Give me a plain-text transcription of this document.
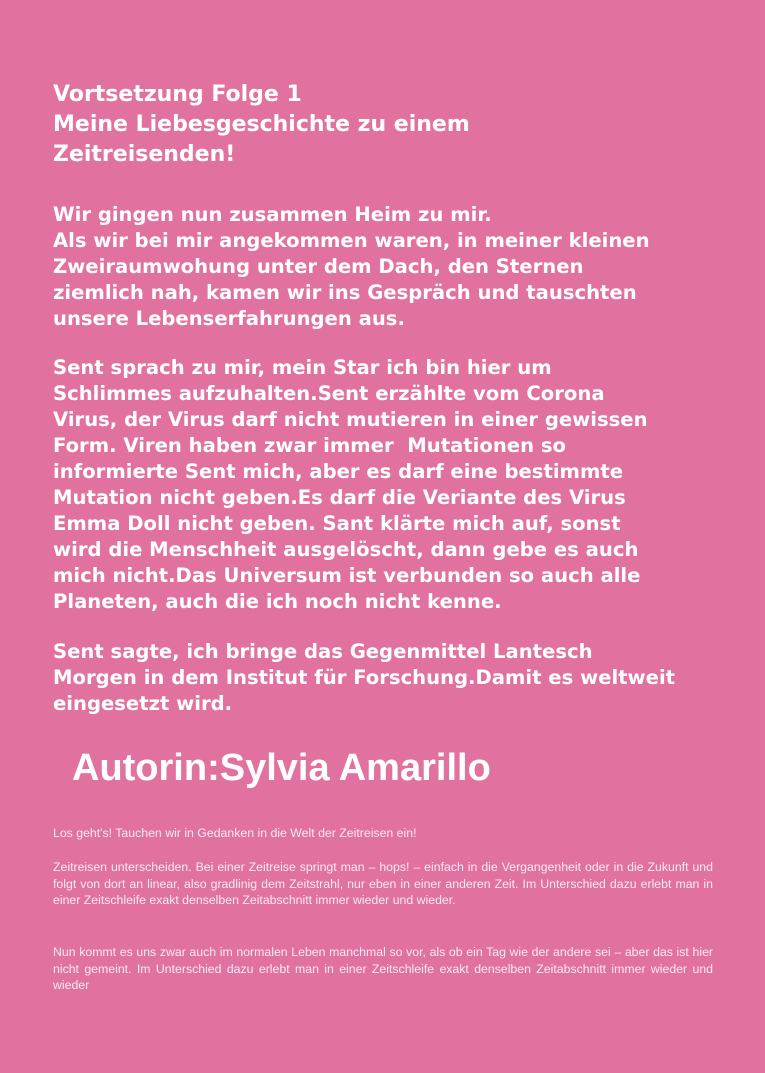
Vortsetzung Folge 1
Meine Liebesgeschichte zu einem
Zeitreisenden!
Wir gingen nun zusammen Heim zu mir.
Als wir bei mir angekommen waren, in meiner kleinen
Zweiraumwohung unter dem Dach, den Sternen
ziemlich nah, kamen wir ins Gespräch und tauschten
unsere Lebenserfahrungen aus.
Sent sprach zu mir, mein Star ich bin hier um
Schlimmes aufzuhalten.Sent erzählte vom Corona
Virus, der Virus darf nicht mutieren in einer gewissen
Form. Viren haben zwar immer  Mutationen so
informierte Sent mich, aber es darf eine bestimmte
Mutation nicht geben.Es darf die Veriante des Virus
Emma Doll nicht geben. Sant klärte mich auf, sonst
wird die Menschheit ausgelöscht, dann gebe es auch
mich nicht.Das Universum ist verbunden so auch alle
Planeten, auch die ich noch nicht kenne.
Sent sagte, ich bringe das Gegenmittel Lantesch
Morgen in dem Institut für Forschung.Damit es weltweit
eingesetzt wird.
Autorin:Sylvia Amarillo
Los geht's! Tauchen wir in Gedanken in die Welt der Zeitreisen ein!
Zeitreisen unterscheiden. Bei einer Zeitreise springt man – hops! – einfach in die Vergangenheit oder in die Zukunft und folgt von dort an linear, also gradlinig dem Zeitstrahl, nur eben in einer anderen Zeit. Im Unterschied dazu erlebt man in einer Zeitschleife exakt denselben Zeitabschnitt immer wieder und wieder.
Nun kommt es uns zwar auch im normalen Leben manchmal so vor, als ob ein Tag wie der andere sei – aber das ist hier nicht gemeint. Im Unterschied dazu erlebt man in einer Zeitschleife exakt denselben Zeitabschnitt immer wieder und wieder
